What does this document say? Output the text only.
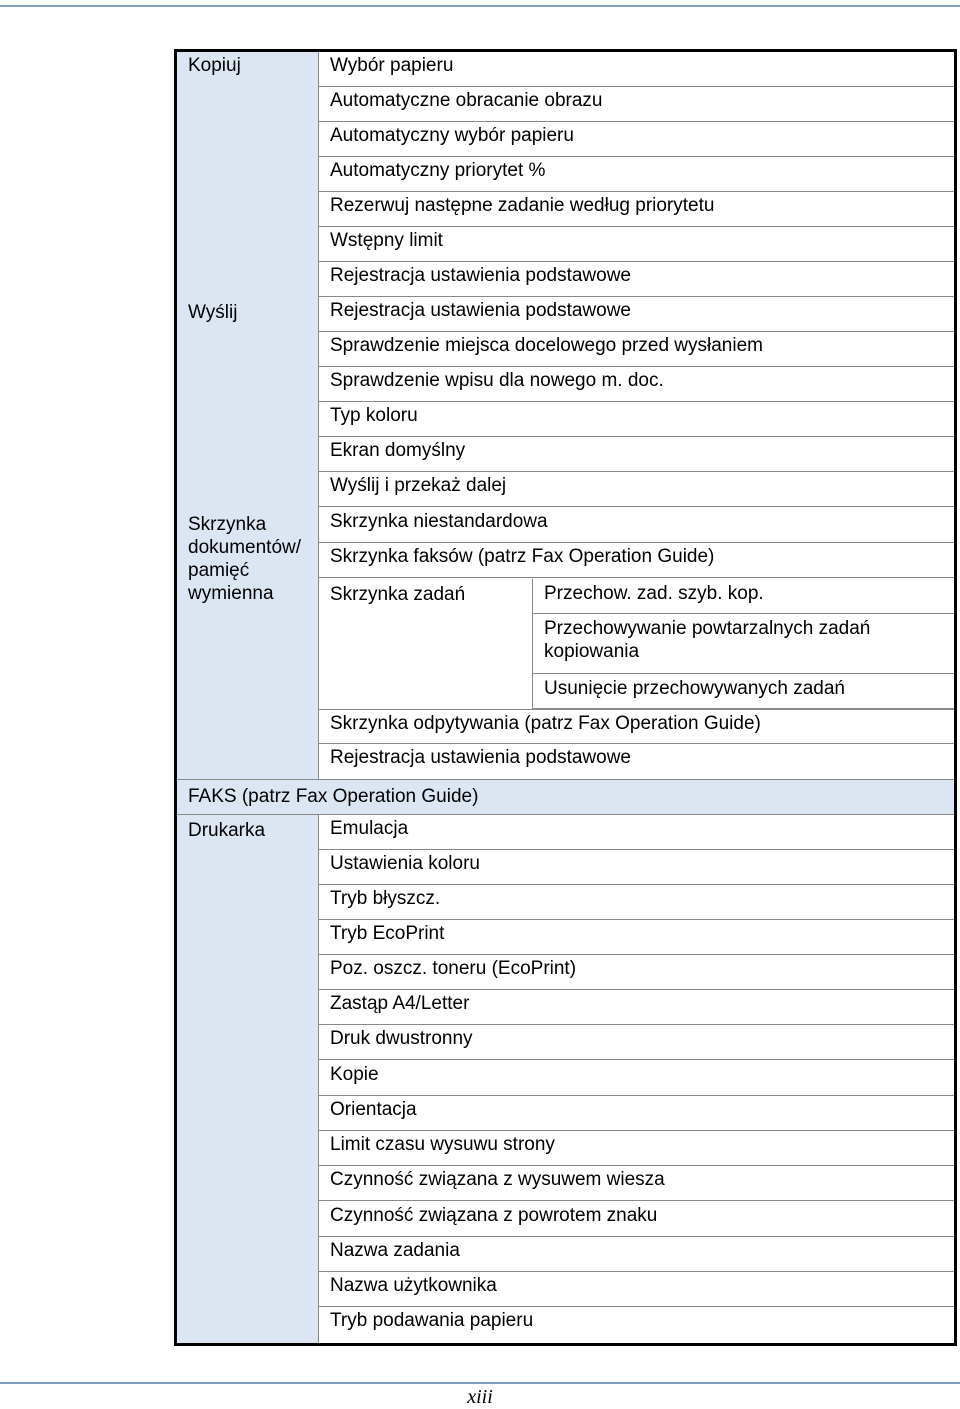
Kopiuj
Wyślij
Skrzynka
dokumentów/
pamięć
wymienna
Drukarka
Wybór papieru
Automatyczne obracanie obrazu
Automatyczny wybór papieru
Automatyczny priorytet %
Rezerwuj następne zadanie według priorytetu
Wstępny limit
Rejestracja ustawienia podstawowe
Rejestracja ustawienia podstawowe
Sprawdzenie miejsca docelowego przed wysłaniem
Sprawdzenie wpisu dla nowego m. doc.
Typ koloru
Ekran domyślny
Wyślij i przekaż dalej
Skrzynka niestandardowa
Skrzynka faksów (patrz Fax Operation Guide)
Skrzynka zadań	Przechow. zad. szyb. kop.
Przechowywanie powtarzalnych zadań kopiowania
Usunięcie przechowywanych zadań
Skrzynka odpytywania (patrz Fax Operation Guide)
Rejestracja ustawienia podstawowe
FAKS (patrz Fax Operation Guide)
Emulacja
Ustawienia koloru
Tryb błyszcz.
Tryb EcoPrint
Poz. oszcz. toneru (EcoPrint)
Zastąp A4/Letter
Druk dwustronny
Kopie
Orientacja
Limit czasu wysuwu strony
Czynność związana z wysuwem wiesza
Czynność związana z powrotem znaku
Nazwa zadania
Nazwa użytkownika
Tryb podawania papieru
xiii
